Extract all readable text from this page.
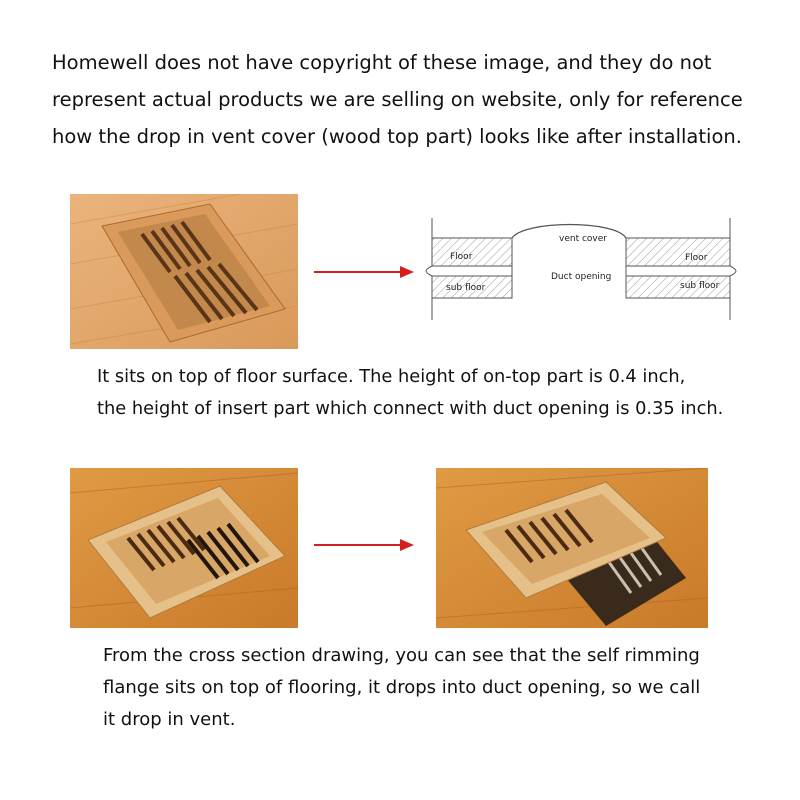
Homewell does not have copyright of these image, and they do not
represent actual products we are selling on website, only for reference
how the drop in vent cover (wood top part) looks like after installation.

vent cover
Floor	Floor
Duct opening
sub floor	sub floor

It sits on top of floor surface. The height of on-top part is 0.4 inch,
the height of insert part which connect with duct opening is 0.35 inch.

From the cross section drawing, you can see that the self rimming
flange sits on top of flooring, it drops into duct opening, so we call
it drop in vent.
